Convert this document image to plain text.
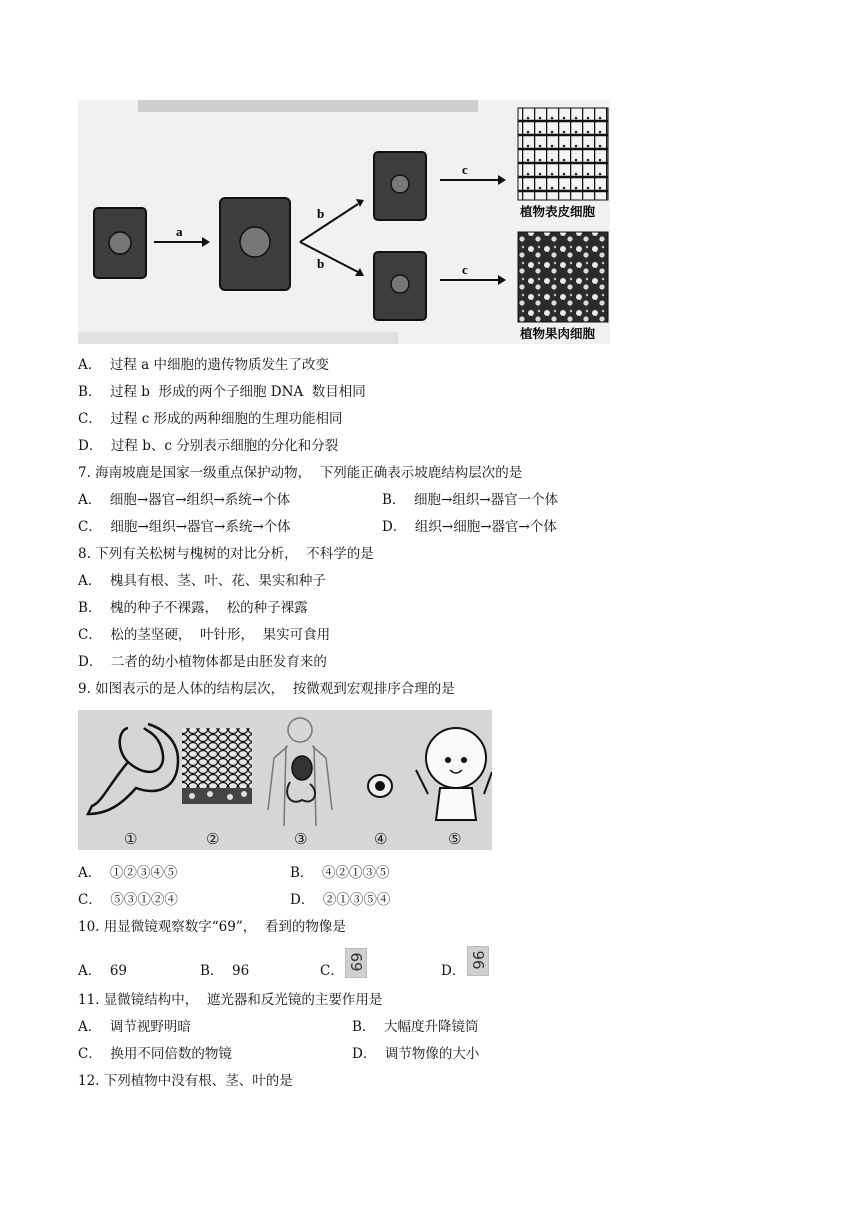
a
b
b
c
c
植物表皮细胞
植物果肉细胞
A．  过程 a 中细胞的遗传物质发生了改变
B．  过程 b  形成的两个子细胞 DNA  数目相同
C．  过程 c 形成的两种细胞的生理功能相同
D．  过程 b、c 分别表示细胞的分化和分裂
7. 海南坡鹿是国家一级重点保护动物，  下列能正确表示坡鹿结构层次的是
A．  细胞→器官→组织→系统→个体	B．  细胞→组织→器官一个体
C．  细胞→组织→器官→系统→个体	D．  组织→细胞→器官→个体
8. 下列有关松树与槐树的对比分析，  不科学的是
A．  槐具有根、茎、叶、花、果实和种子
B．  槐的种子不裸露，  松的种子裸露
C．  松的茎坚硬，  叶针形，  果实可食用
D．  二者的幼小植物体都是由胚发育来的
9. 如图表示的是人体的结构层次，  按微观到宏观排序合理的是
①	②	③	④	⑤
A．  ①②③④⑤	B．  ④②①③⑤
C．  ⑤③①②④	D．  ②①③⑤④
10. 用显微镜观察数字“69”，  看到的物像是
A．  69	B．  96	C． 69	D．
96
11. 显微镜结构中，  遮光器和反光镜的主要作用是
A．  调节视野明暗	B．  大幅度升降镜筒
C．  换用不同倍数的物镜	D．  调节物像的大小
12. 下列植物中没有根、茎、叶的是
